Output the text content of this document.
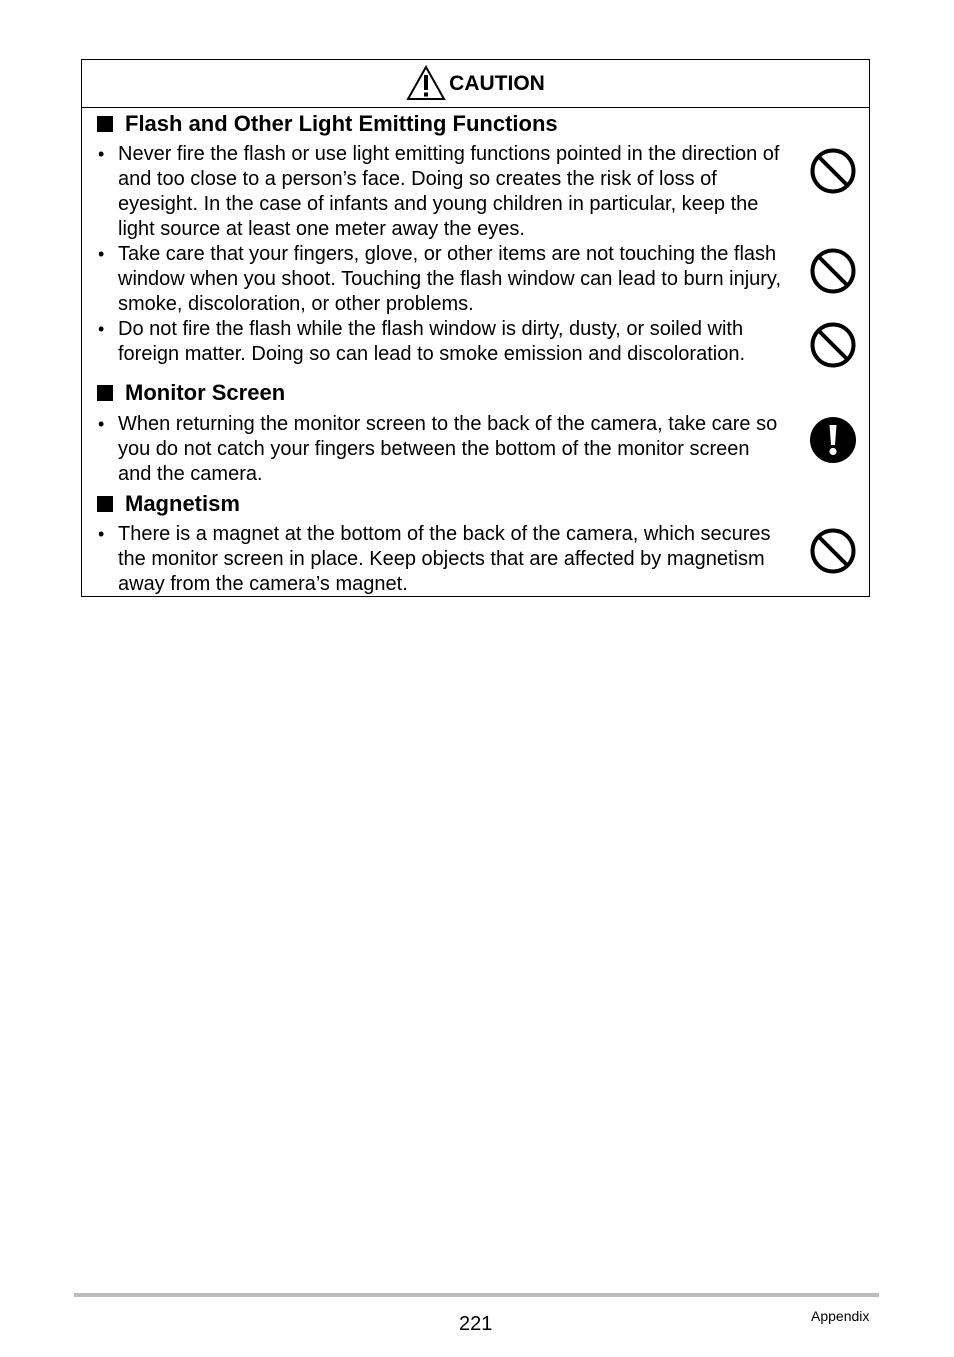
CAUTION
Flash and Other Light Emitting Functions
• Never fire the flash or use light emitting functions pointed in the direction of and too close to a person’s face. Doing so creates the risk of loss of eyesight. In the case of infants and young children in particular, keep the light source at least one meter away the eyes.
• Take care that your fingers, glove, or other items are not touching the flash window when you shoot. Touching the flash window can lead to burn injury, smoke, discoloration, or other problems.
• Do not fire the flash while the flash window is dirty, dusty, or soiled with foreign matter. Doing so can lead to smoke emission and discoloration.
Monitor Screen
• When returning the monitor screen to the back of the camera, take care so you do not catch your fingers between the bottom of the monitor screen and the camera.
Magnetism
• There is a magnet at the bottom of the back of the camera, which secures the monitor screen in place. Keep objects that are affected by magnetism away from the camera’s magnet.
221	Appendix
